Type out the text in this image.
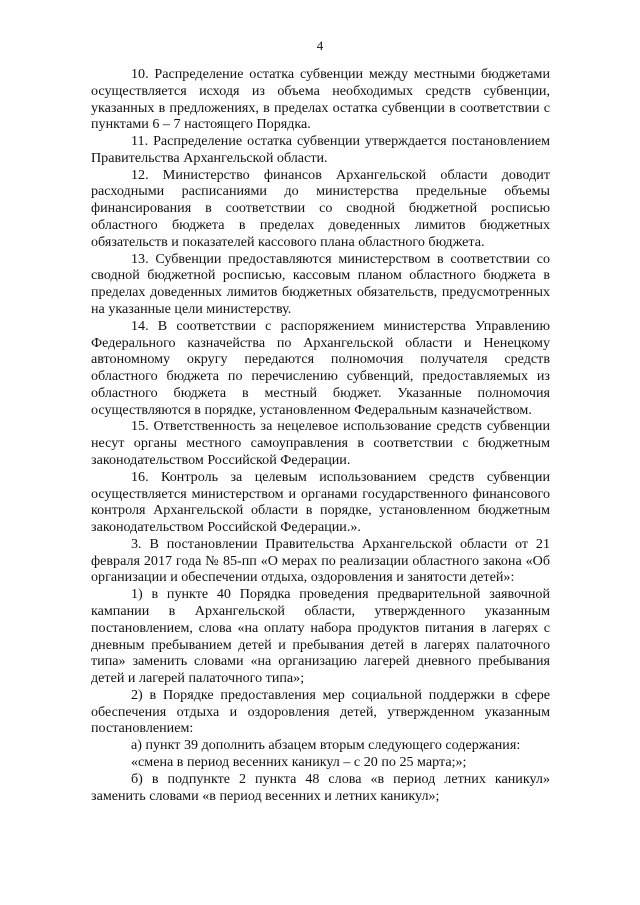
4

10. Распределение остатка субвенции между местными бюджетами осуществляется исходя из объема необходимых средств субвенции, указанных в предложениях, в пределах остатка субвенции в соответствии с пунктами 6 – 7 настоящего Порядка.

11. Распределение остатка субвенции утверждается постановлением Правительства Архангельской области.

12. Министерство финансов Архангельской области доводит расходными расписаниями до министерства предельные объемы финансирования в соответствии со сводной бюджетной росписью областного бюджета в пределах доведенных лимитов бюджетных обязательств и показателей кассового плана областного бюджета.

13. Субвенции предоставляются министерством в соответствии со сводной бюджетной росписью, кассовым планом областного бюджета в пределах доведенных лимитов бюджетных обязательств, предусмотренных на указанные цели министерству.

14. В соответствии с распоряжением министерства Управлению Федерального казначейства по Архангельской области и Ненецкому автономному округу передаются полномочия получателя средств областного бюджета по перечислению субвенций, предоставляемых из областного бюджета в местный бюджет. Указанные полномочия осуществляются в порядке, установленном Федеральным казначейством.

15. Ответственность за нецелевое использование средств субвенции несут органы местного самоуправления в соответствии с бюджетным законодательством Российской Федерации.

16. Контроль за целевым использованием средств субвенции осуществляется министерством и органами государственного финансового контроля Архангельской области в порядке, установленном бюджетным законодательством Российской Федерации.».

3. В постановлении Правительства Архангельской области от 21 февраля 2017 года № 85-пп «О мерах по реализации областного закона «Об организации и обеспечении отдыха, оздоровления и занятости детей»:

1) в пункте 40 Порядка проведения предварительной заявочной кампании в Архангельской области, утвержденного указанным постановлением, слова «на оплату набора продуктов питания в лагерях с дневным пребыванием детей и пребывания детей в лагерях палаточного типа» заменить словами «на организацию лагерей дневного пребывания детей и лагерей палаточного типа»;

2) в Порядке предоставления мер социальной поддержки в сфере обеспечения отдыха и оздоровления детей, утвержденном указанным постановлением:

а) пункт 39 дополнить абзацем вторым следующего содержания:

«смена в период весенних каникул – с 20 по 25 марта;»;

б) в подпункте 2 пункта 48 слова «в период летних каникул» заменить словами «в период весенних и летних каникул»;
